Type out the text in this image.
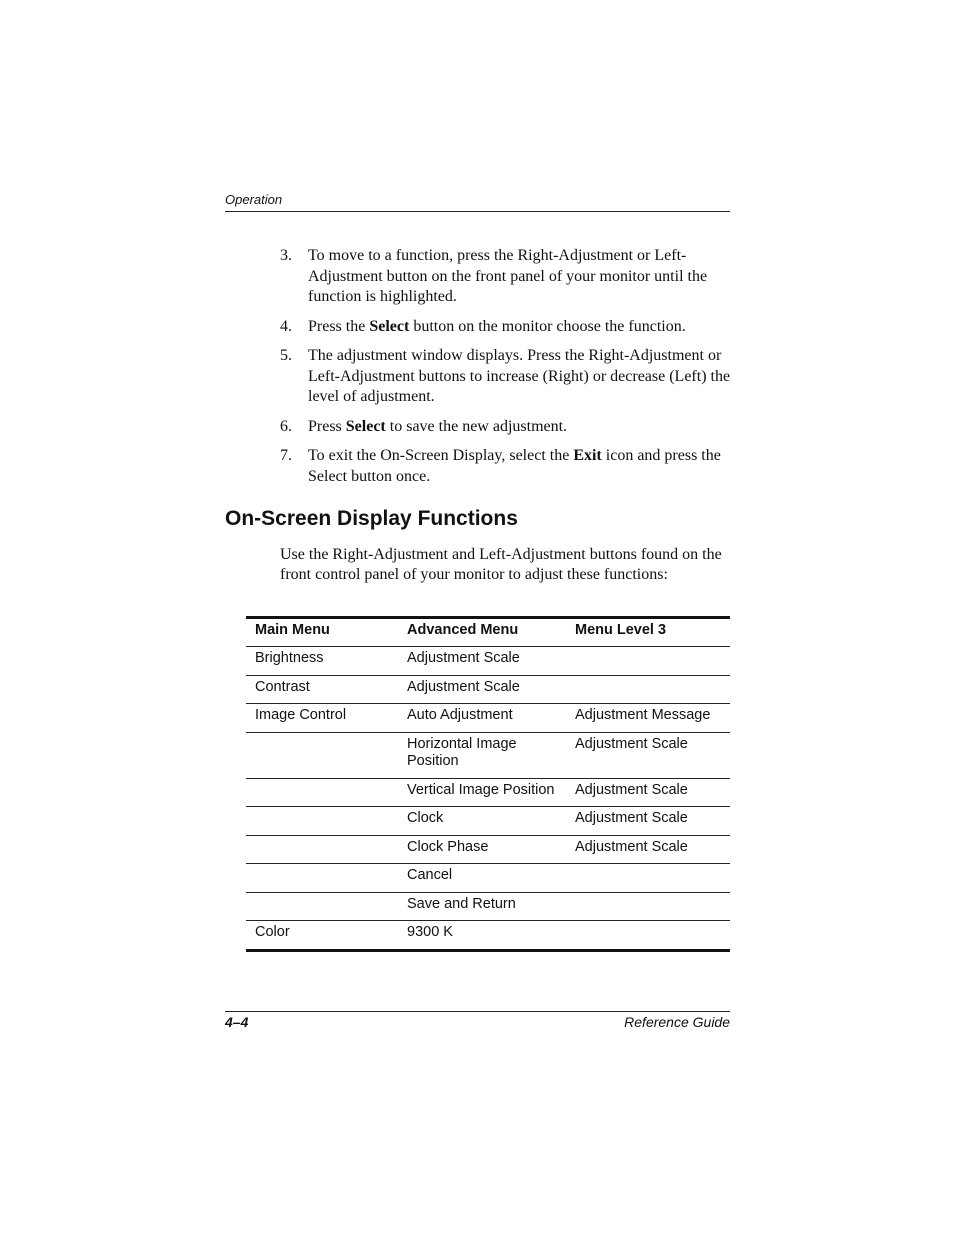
Operation
3. To move to a function, press the Right-Adjustment or Left-Adjustment button on the front panel of your monitor until the function is highlighted.
4. Press the Select button on the monitor choose the function.
5. The adjustment window displays. Press the Right-Adjustment or Left-Adjustment buttons to increase (Right) or decrease (Left) the level of adjustment.
6. Press Select to save the new adjustment.
7. To exit the On-Screen Display, select the Exit icon and press the Select button once.
On-Screen Display Functions

Use the Right-Adjustment and Left-Adjustment buttons found on the front control panel of your monitor to adjust these functions:

Main Menu	Advanced Menu	Menu Level 3
Brightness	Adjustment Scale	
Contrast	Adjustment Scale	
Image Control	Auto Adjustment	Adjustment Message
	Horizontal Image Position	Adjustment Scale
	Vertical Image Position	Adjustment Scale
	Clock	Adjustment Scale
	Clock Phase	Adjustment Scale
	Cancel	
	Save and Return	
Color	9300 K	
4–4	Reference Guide
